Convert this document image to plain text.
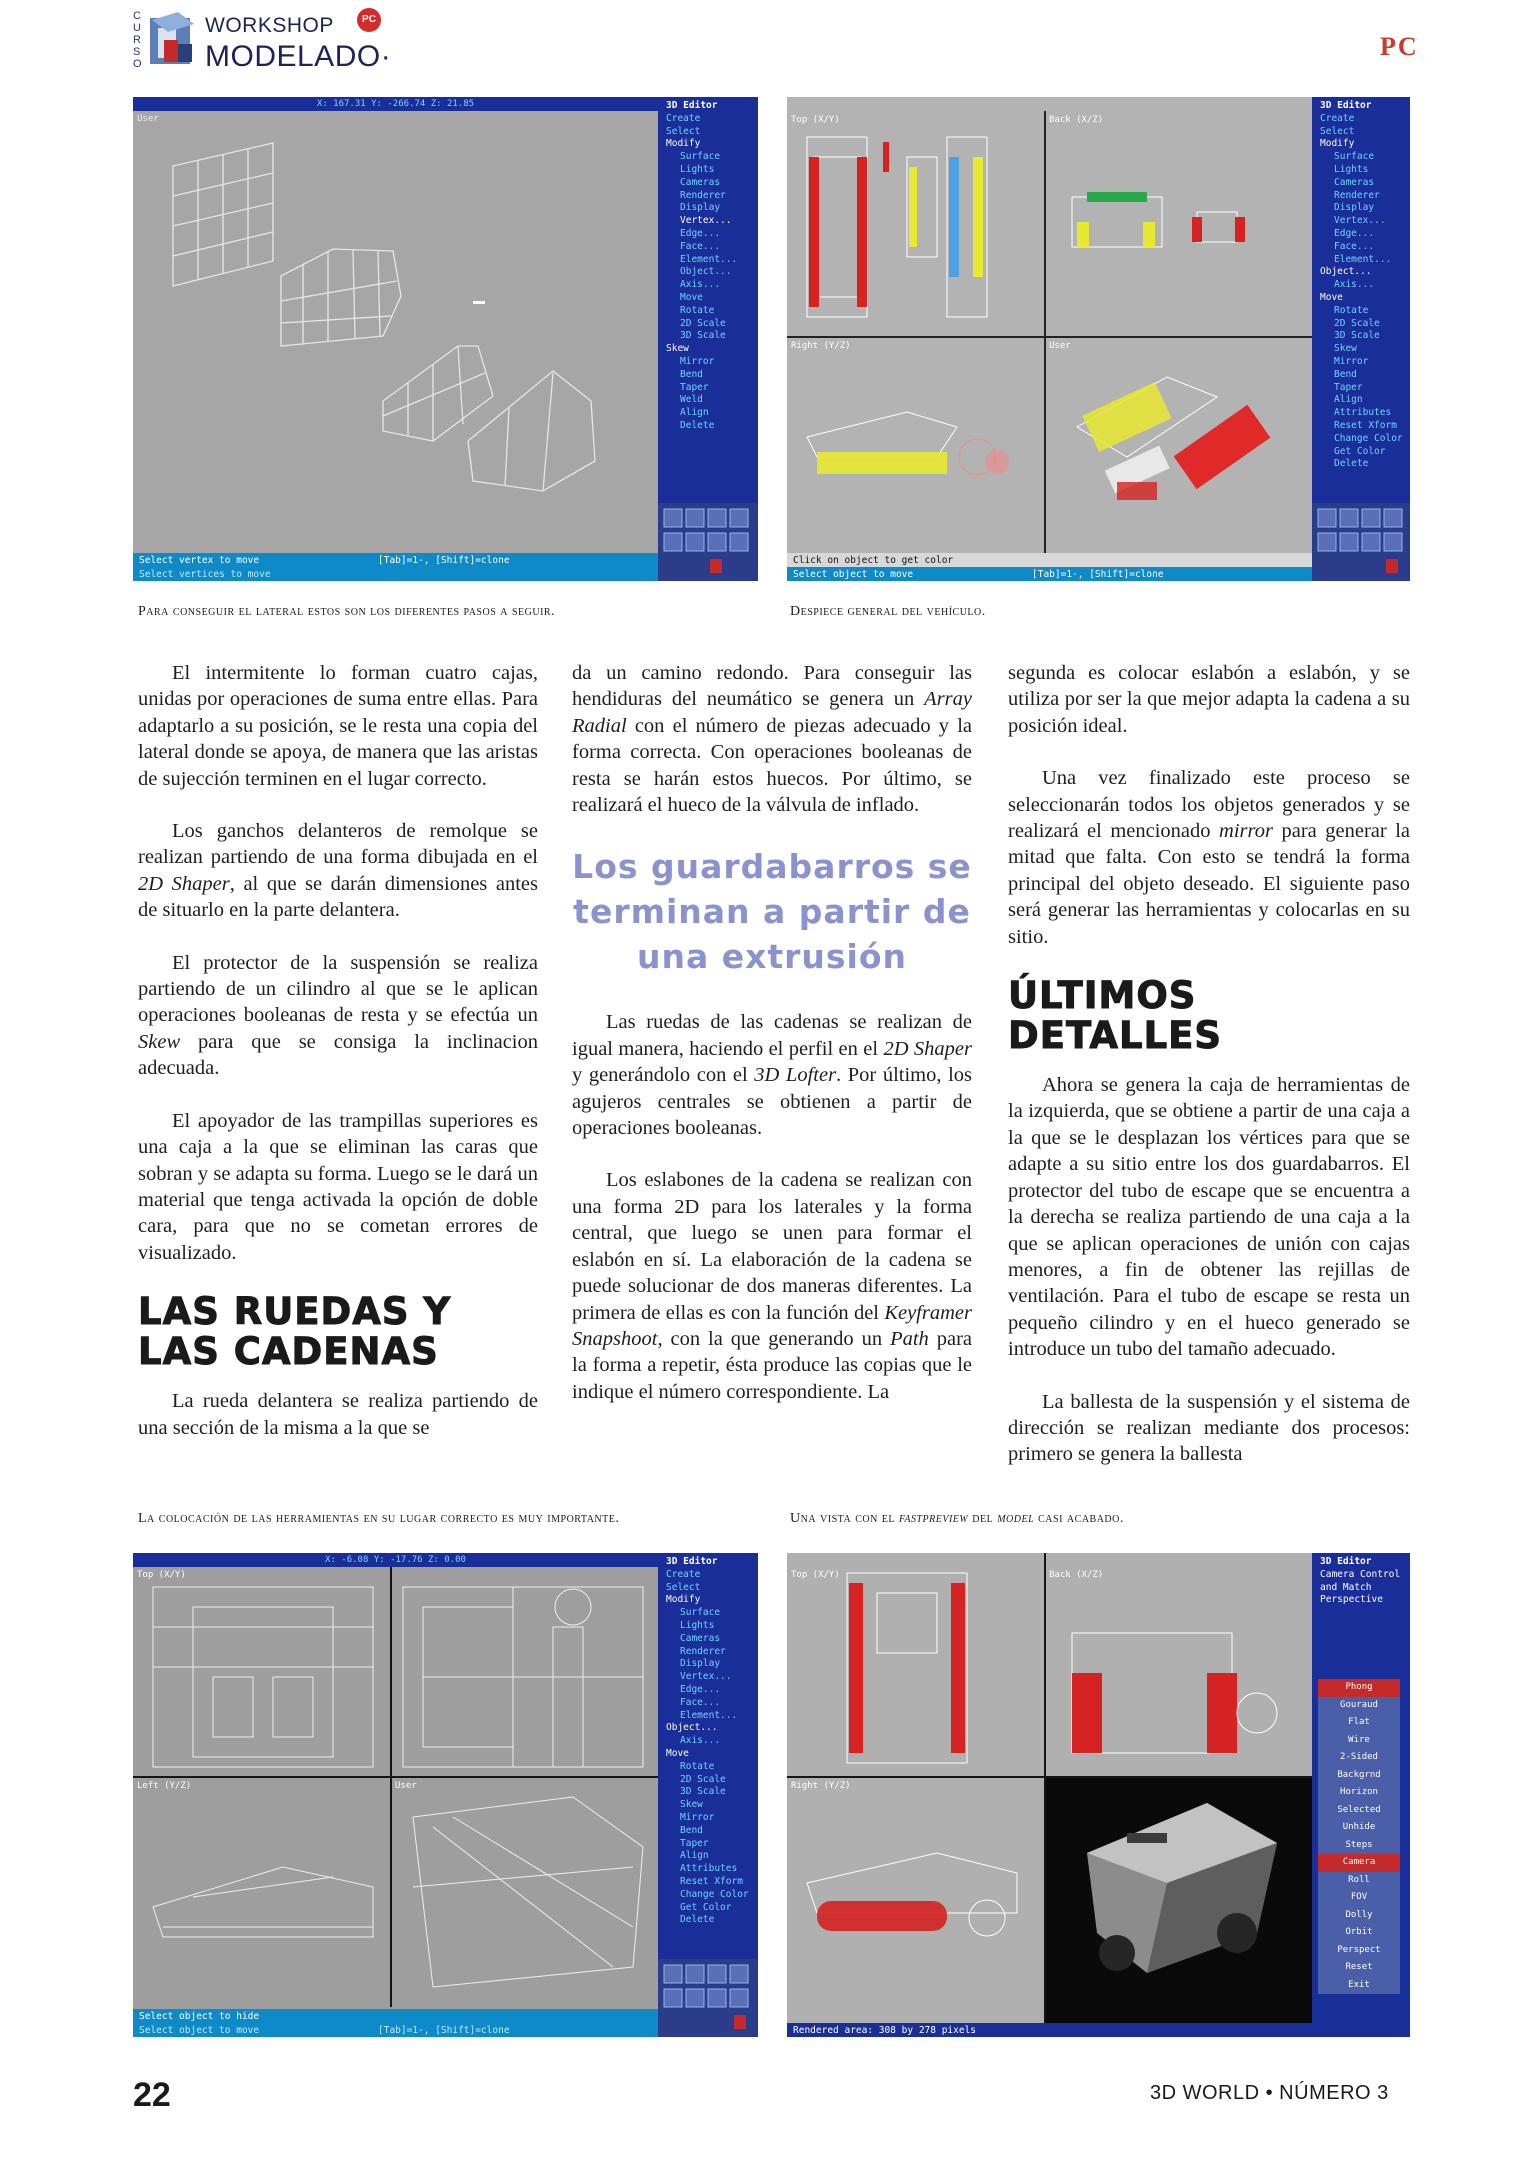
C
U
R
S
O
WORKSHOP
MODELADO·
PC
PC
X: 167.31 Y: -266.74 Z: 21.85
User
3D Editor
Create
Select
Modify
Surface
Lights
Cameras
Renderer
Display
Vertex...
Edge...
Face...
Element...
Object...
Axis...
Move
Rotate
2D Scale
3D Scale
Skew
Mirror
Bend
Taper
Weld
Align
Delete
Select vertex to move	[Tab]=1-, [Shift]=clone
Select vertices to move
Top (X/Y)	Back (X/Z)
Right (Y/Z)	User
3D Editor
Create
Select
Modify
Surface
Lights
Cameras
Renderer
Display
Vertex...
Edge...
Face...
Element...
Object...
Axis...
Move
Rotate
2D Scale
3D Scale
Skew
Mirror
Bend
Taper
Align
Attributes
Reset Xform
Change Color
Get Color
Delete
Click on object to get color
Select object to move	[Tab]=1-, [Shift]=clone
Para conseguir el lateral estos son los diferentes pasos a seguir.	Despiece general del vehículo.

El intermitente lo forman cuatro cajas, unidas por operaciones de suma entre ellas. Para adaptarlo a su posición, se le resta una copia del lateral donde se apoya, de manera que las aristas de sujección terminen en el lugar correcto.

Los ganchos delanteros de remolque se realizan partiendo de una forma dibujada en el 2D Shaper, al que se darán dimensiones antes de situarlo en la parte delantera.

El protector de la suspensión se realiza partiendo de un cilindro al que se le aplican operaciones booleanas de resta y se efectúa un Skew para que se consiga la inclinacion adecuada.

El apoyador de las trampillas superiores es una caja a la que se eliminan las caras que sobran y se adapta su forma. Luego se le dará un material que tenga activada la opción de doble cara, para que no se cometan errores de visualizado.

LAS RUEDAS Y LAS CADENAS

La rueda delantera se realiza partiendo de una sección de la misma a la que se

da un camino redondo. Para conseguir las hendiduras del neumático se genera un Array Radial con el número de piezas adecuado y la forma correcta. Con operaciones booleanas de resta se harán estos huecos. Por último, se realizará el hueco de la válvula de inflado.

Los guardabarros se terminan a partir de una extrusión

Las ruedas de las cadenas se realizan de igual manera, haciendo el perfil en el 2D Shaper y generándolo con el 3D Lofter. Por último, los agujeros centrales se obtienen a partir de operaciones booleanas.

Los eslabones de la cadena se realizan con una forma 2D para los laterales y la forma central, que luego se unen para formar el eslabón en sí. La elaboración de la cadena se puede solucionar de dos maneras diferentes. La primera de ellas es con la función del Keyframer Snapshoot, con la que generando un Path para la forma a repetir, ésta produce las copias que le indique el número correspondiente. La

segunda es colocar eslabón a eslabón, y se utiliza por ser la que mejor adapta la cadena a su posición ideal.

Una vez finalizado este proceso se seleccionarán todos los objetos generados y se realizará el mencionado mirror para generar la mitad que falta. Con esto se tendrá la forma principal del objeto deseado. El siguiente paso será generar las herramientas y colocarlas en su sitio.

ÚLTIMOS DETALLES

Ahora se genera la caja de herramientas de la izquierda, que se obtiene a partir de una caja a la que se le desplazan los vértices para que se adapte a su sitio entre los dos guardabarros. El protector del tubo de escape que se encuentra a la derecha se realiza partiendo de una caja a la que se aplican operaciones de unión con cajas menores, a fin de obtener las rejillas de ventilación. Para el tubo de escape se resta un pequeño cilindro y en el hueco generado se introduce un tubo del tamaño adecuado.

La ballesta de la suspensión y el sistema de dirección se realizan mediante dos procesos: primero se genera la ballesta

La colocación de las herramientas en su lugar correcto es muy importante.	Una vista con el fastpreview del model casi acabado.
X: -6.08 Y: -17.76 Z: 0.00
Top (X/Y)
Left (Y/Z)	User
3D Editor
Create
Select
Modify
Surface
Lights
Cameras
Renderer
Display
Vertex...
Edge...
Face...
Element...
Object...
Axis...
Move
Rotate
2D Scale
3D Scale
Skew
Mirror
Bend
Taper
Align
Attributes
Reset Xform
Change Color
Get Color
Delete
Select object to hide
Select object to move	[Tab]=1-, [Shift]=clone
Top (X/Y)	Back (X/Z)
Right (Y/Z)
3D Editor
Camera Control
and Match
Perspective
Phong
Gouraud
Flat
Wire
2-Sided
Backgrnd
Horizon
Selected
Unhide
Steps
Camera
Roll
FOV
Dolly
Orbit
Perspect
Reset
Exit
Rendered area: 308 by 278 pixels
22	3D WORLD • NÚMERO 3
